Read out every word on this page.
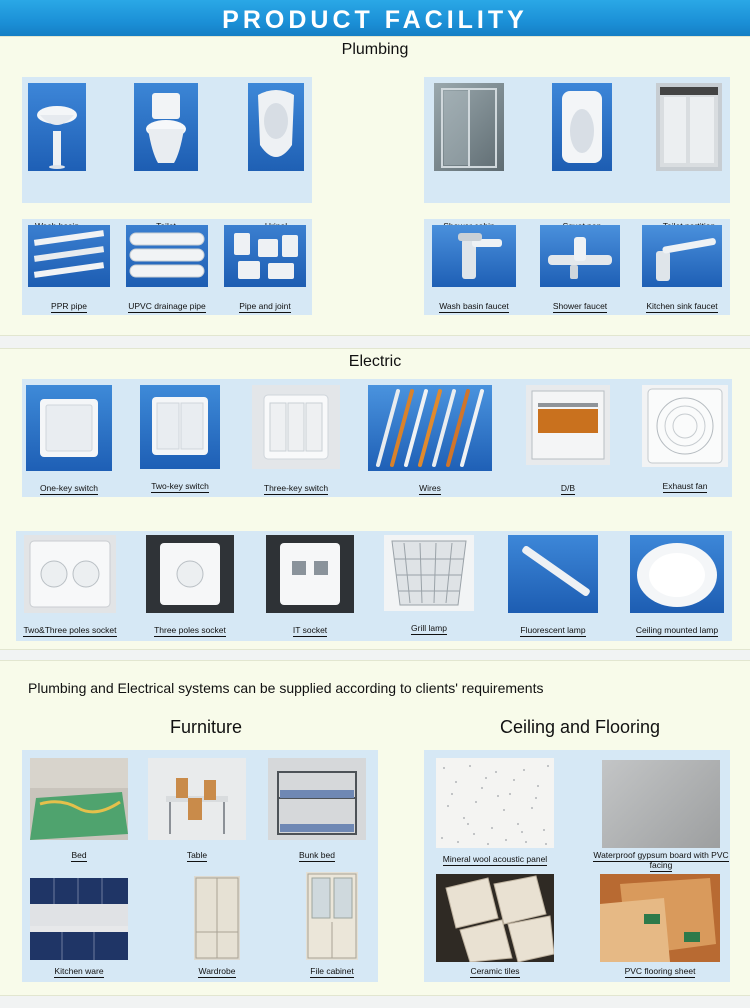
PRODUCT FACILITY
Plumbing
PPR pipe	UPVC drainage pipe	Pipe and joint	Wash basin faucet	Shower faucet	Kitchen sink faucet
Electric
One-key switch	Two-key switch	Three-key switch	Wires	D/B	Exhaust fan
Two&Three poles socket	Three poles socket	IT socket	Grill lamp	Fluorescent lamp	Ceiling mounted lamp
Plumbing and Electrical systems can be supplied according to clients' requirements
Furniture	Ceiling and Flooring
Bed	Table	Bunk bed
Kitchen ware	Wardrobe	File cabinet
Mineral wool acoustic panel	Waterproof gypsum board with PVC facing
Ceramic tiles	PVC flooring sheet
